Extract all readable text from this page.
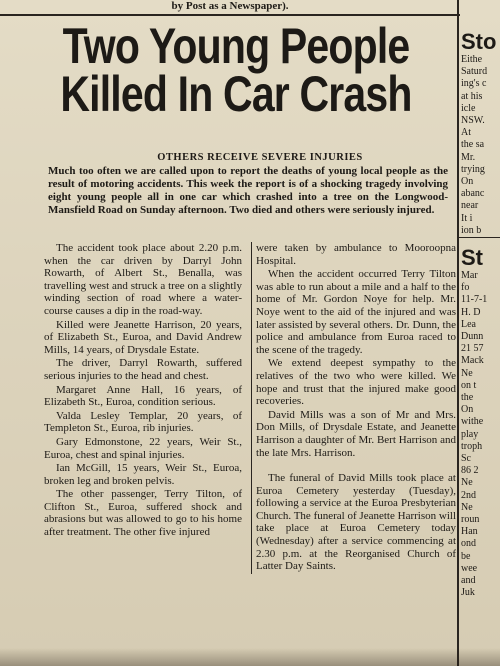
by Post as a Newspaper).
Two Young People
Killed In Car Crash
OTHERS RECEIVE SEVERE INJURIES
Much too often we are called upon to report the deaths of young local people as the result of motoring accidents. This week the report is of a shocking tragedy involving eight young people all in one car which crashed into a tree on the Longwood-Mansfield Road on Sunday afternoon. Two died and others were seriously injured.

The accident took place about 2.20 p.m. when the car driven by Darryl John Rowarth, of Albert St., Benalla, was travelling west and struck a tree on a slightly winding section of road where a water-course causes a dip in the road-way.

Killed were Jeanette Harrison, 20 years, of Elizabeth St., Euroa, and David Andrew Mills, 14 years, of Drysdale Estate.

The driver, Darryl Rowarth, suffered serious injuries to the head and chest.

Margaret Anne Hall, 16 years, of Elizabeth St., Euroa, condition serious.

Valda Lesley Templar, 20 years, of Templeton St., Euroa, rib injuries.

Gary Edmonstone, 22 years, Weir St., Euroa, chest and spinal injuries.

Ian McGill, 15 years, Weir St., Euroa, broken leg and broken pelvis.

The other passenger, Terry Tilton, of Clifton St., Euroa, suffered shock and abrasions but was allowed to go to his home after treatment. The other five injured

were taken by ambulance to Mooroopna Hospital.

When the accident occurred Terry Tilton was able to run about a mile and a half to the home of Mr. Gordon Noye for help. Mr. Noye went to the aid of the injured and was later assisted by several others. Dr. Dunn, the police and ambulance from Euroa raced to the scene of the tragedy.

We extend deepest sympathy to the relatives of the two who were killed. We hope and trust that the injured make good recoveries.

David Mills was a son of Mr and Mrs. Don Mills, of Drysdale Estate, and Jeanette Harrison a daughter of Mr. Bert Harrison and the late Mrs. Harrison.

The funeral of David Mills took place at Euroa Cemetery yesterday (Tuesday), following a service at the Euroa Presbyterian Church. The funeral of Jeanette Harrison will take place at Euroa Cemetery today (Wednesday) after a service commencing at 2.30 p.m. at the Reorganised Church of Latter Day Saints.

Sto
Eithe
Saturd
ing's c
at his
icle
NSW.
At
the sa
Mr.
trying
On
abanc
near
It i
ion b
St
Mar
fo
11-7-1
H. D
Lea
Dunn
21 57
Mack
Ne
on t
the
On
withe
play
troph
Sc
86 2
Ne
2nd
Ne
roun
Han
ond
be
wee
and
Juk
